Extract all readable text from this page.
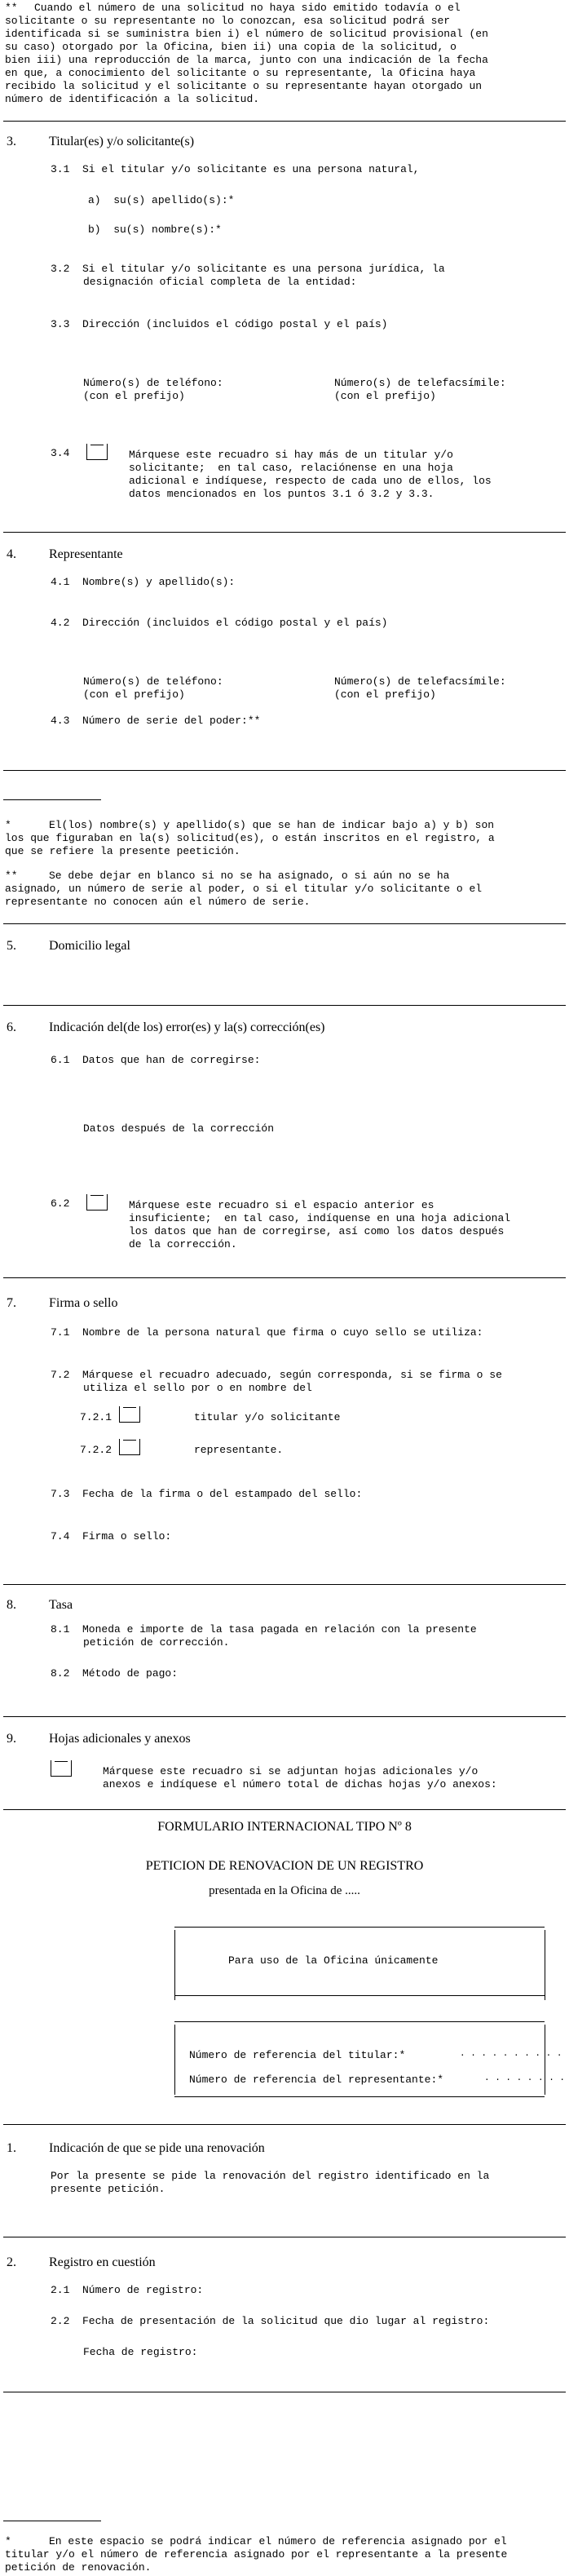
** Cuando el número de una solicitud no haya sido emitido todavía o el
solicitante o su representante no lo conozcan, esa solicitud podrá ser
identificada si se suministra bien i) el número de solicitud provisional (en
su caso) otorgado por la Oficina, bien ii) una copia de la solicitud, o
bien iii) una reproducción de la marca, junto con una indicación de la fecha
en que, a conocimiento del solicitante o su representante, la Oficina haya
recibido la solicitud y el solicitante o su representante hayan otorgado un
número de identificación a la solicitud.
3.	Titular(es) y/o solicitante(s)
3.1  Si el titular y/o solicitante es una persona natural,
a)  su(s) apellido(s):*
b)  su(s) nombre(s):*
3.2  Si el titular y/o solicitante es una persona jurídica, la
designación oficial completa de la entidad:
3.3  Dirección (incluidos el código postal y el país)
Número(s) de teléfono:
(con el prefijo)
Número(s) de telefacsímile:
(con el prefijo)
3.4	Márquese este recuadro si hay más de un titular y/o
solicitante;  en tal caso, relaciónense en una hoja
adicional e indíquese, respecto de cada uno de ellos, los
datos mencionados en los puntos 3.1 ó 3.2 y 3.3.
4.	Representante
4.1  Nombre(s) y apellido(s):
4.2  Dirección (incluidos el código postal y el país)
Número(s) de teléfono:
(con el prefijo)
Número(s) de telefacsímile:
(con el prefijo)
4.3  Número de serie del poder:**
*	El(los) nombre(s) y apellido(s) que se han de indicar bajo a) y b) son
los que figuraban en la(s) solicitud(es), o están inscritos en el registro, a
que se refiere la presente peetición.
**	Se debe dejar en blanco si no se ha asignado, o si aún no se ha
asignado, un número de serie al poder, o si el titular y/o solicitante o el
representante no conocen aún el número de serie.
5.	Domicilio legal
6.	Indicación del(de los) error(es) y la(s) corrección(es)
6.1  Datos que han de corregirse:
Datos después de la corrección
6.2	Márquese este recuadro si el espacio anterior es
insuficiente;  en tal caso, indíquense en una hoja adicional
los datos que han de corregirse, así como los datos después
de la corrección.
7.	Firma o sello
7.1  Nombre de la persona natural que firma o cuyo sello se utiliza:
7.2  Márquese el recuadro adecuado, según corresponda, si se firma o se
utiliza el sello por o en nombre del
7.2.1	titular y/o solicitante
7.2.2	representante.
7.3  Fecha de la firma o del estampado del sello:
7.4  Firma o sello:
8.	Tasa
8.1  Moneda e importe de la tasa pagada en relación con la presente
petición de corrección.
8.2  Método de pago:
9.	Hojas adicionales y anexos
Márquese este recuadro si se adjuntan hojas adicionales y/o
anexos e indíquese el número total de dichas hojas y/o anexos:
FORMULARIO INTERNACIONAL TIPO Nº 8
PETICION DE RENOVACION DE UN REGISTRO
presentada en la Oficina de .....
Para uso de la Oficina únicamente
Número de referencia del titular:*	. . . . . . . . . .
Número de referencia del representante:*	. . . . . . . .
1.	Indicación de que se pide una renovación
Por la presente se pide la renovación del registro identificado en la
presente petición.
2.	Registro en cuestión
2.1  Número de registro:
2.2  Fecha de presentación de la solicitud que dio lugar al registro:
Fecha de registro:
*	En este espacio se podrá indicar el número de referencia asignado por el
titular y/o el número de referencia asignado por el representante a la presente
petición de renovación.
